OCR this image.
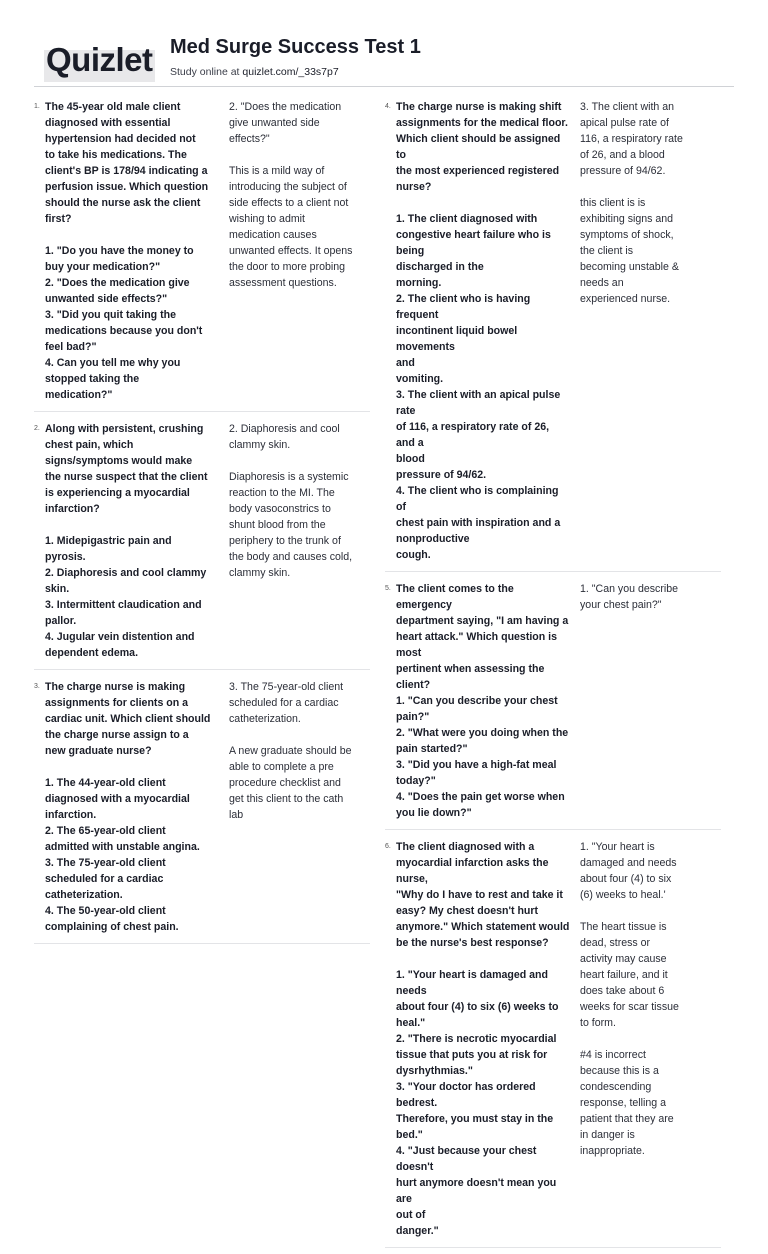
Quizlet Med Surge Success Test 1
Study online at quizlet.com/_33s7p7
1. The 45-year old male client
diagnosed with essential
hypertension had decided not
to take his medications. The
client's BP is 178/94 indicating a
perfusion issue. Which question
should the nurse ask the client
first?
1. "Do you have the money to
buy your medication?"
2. "Does the medication give
unwanted side effects?"
3. "Did you quit taking the
medications because you don't
feel bad?"
4. Can you tell me why you
stopped taking the
medication?"
2. "Does the medication
give unwanted side
effects?"
This is a mild way of
introducing the subject of
side effects to a client not
wishing to admit
medication causes
unwanted effects. It opens
the door to more probing
assessment questions.
2. Along with persistent, crushing
chest pain, which
signs/symptoms would make
the nurse suspect that the client
is experiencing a myocardial
infarction?
1. Midepigastric pain and
pyrosis.
2. Diaphoresis and cool clammy
skin.
3. Intermittent claudication and
pallor.
4. Jugular vein distention and
dependent edema.
2. Diaphoresis and cool
clammy skin.
Diaphoresis is a systemic
reaction to the MI. The
body vasoconstrics to
shunt blood from the
periphery to the trunk of
the body and causes cold,
clammy skin.
3. The charge nurse is making
assignments for clients on a
cardiac unit. Which client should
the charge nurse assign to a
new graduate nurse?
1. The 44-year-old client
diagnosed with a myocardial
infarction.
2. The 65-year-old client
admitted with unstable angina.
3. The 75-year-old client
scheduled for a cardiac
catheterization.
4. The 50-year-old client
complaining of chest pain.
3. The 75-year-old client
scheduled for a cardiac
catheterization.
A new graduate should be
able to complete a pre
procedure checklist and
get this client to the cath
lab
4. The charge nurse is making shift
assignments for the medical floor.
Which client should be assigned to
the most experienced registered
nurse?
1. The client diagnosed with
congestive heart failure who is being
discharged in the
morning.
2. The client who is having frequent
incontinent liquid bowel movements
and
vomiting.
3. The client with an apical pulse rate
of 116, a respiratory rate of 26, and a
blood
pressure of 94/62.
4. The client who is complaining of
chest pain with inspiration and a
nonproductive
cough.
3. The client with an
apical pulse rate of
116, a respiratory rate
of 26, and a blood
pressure of 94/62.
this client is is
exhibiting signs and
symptoms of shock,
the client is
becoming unstable &
needs an
experienced nurse.
5. The client comes to the emergency
department saying, "I am having a
heart attack." Which question is most
pertinent when assessing the client?
1. "Can you describe your chest
pain?"
2. "What were you doing when the
pain started?"
3. "Did you have a high-fat meal
today?"
4. "Does the pain get worse when
you lie down?"
1. "Can you describe
your chest pain?"
6. The client diagnosed with a
myocardial infarction asks the nurse,
"Why do I have to rest and take it
easy? My chest doesn't hurt
anymore." Which statement would
be the nurse's best response?
1. "Your heart is damaged and needs
about four (4) to six (6) weeks to
heal."
2. "There is necrotic myocardial
tissue that puts you at risk for
dysrhythmias."
3. "Your doctor has ordered bedrest.
Therefore, you must stay in the bed."
4. "Just because your chest doesn't
hurt anymore doesn't mean you are
out of
danger."
1. "Your heart is
damaged and needs
about four (4) to six
(6) weeks to heal.'
The heart tissue is
dead, stress or
activity may cause
heart failure, and it
does take about 6
weeks for scar tissue
to form.
#4 is incorrect
because this is a
condescending
response, telling a
patient that they are
in danger is
inappropriate.
